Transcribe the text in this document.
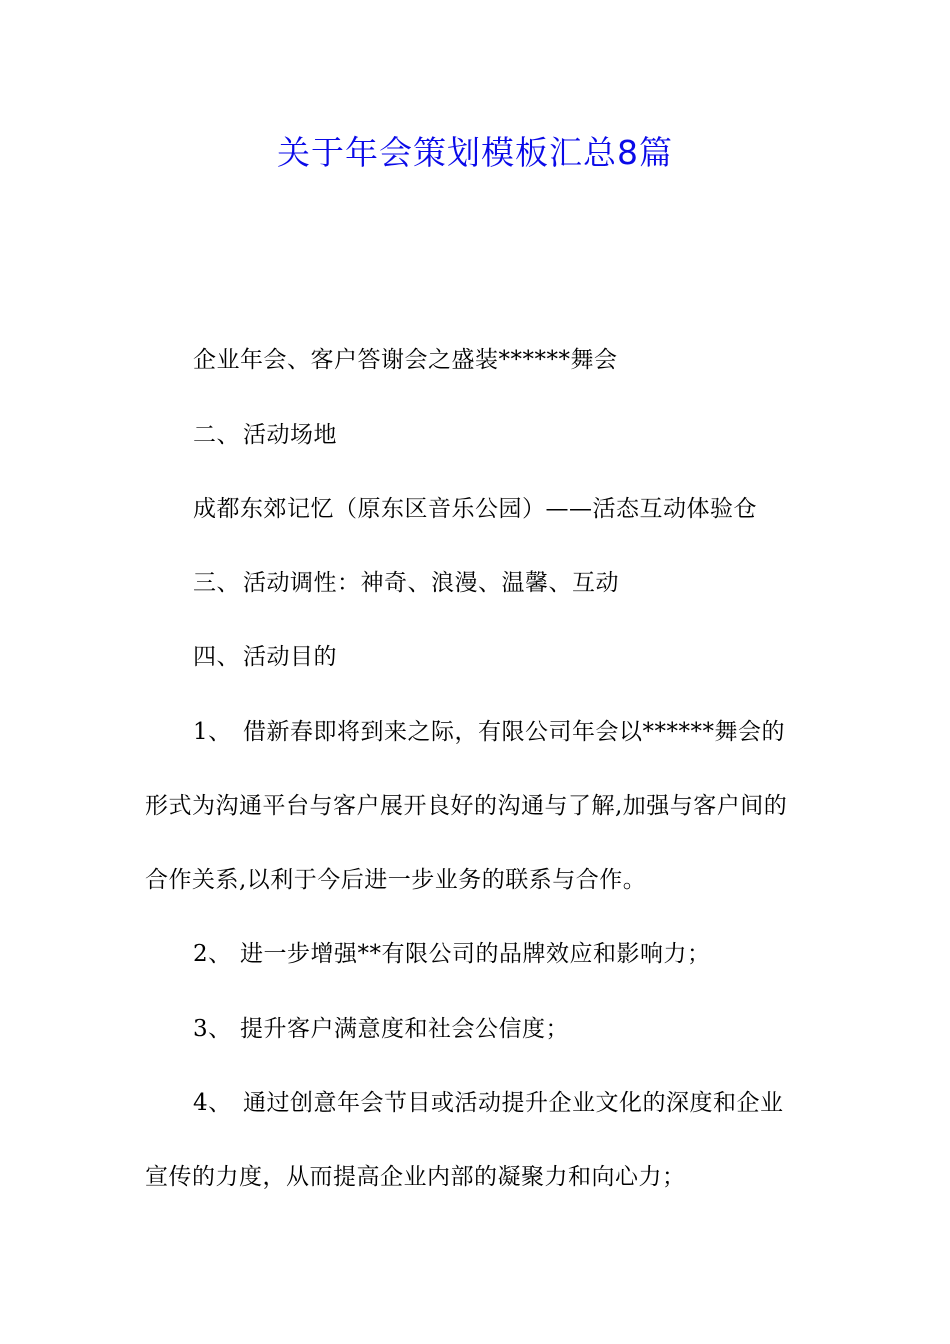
关于年会策划模板汇总8篇
企业年会、客户答谢会之盛装******舞会
二、 活动场地
成都东郊记忆（原东区音乐公园）——活态互动体验仓
三、 活动调性：神奇、浪漫、温馨、互动
四、 活动目的
1、 借新春即将到来之际，有限公司年会以******舞会的
形式为沟通平台与客户展开良好的沟通与了解,加强与客户间的
合作关系,以利于今后进一步业务的联系与合作。
2、 进一步增强**有限公司的品牌效应和影响力；
3、 提升客户满意度和社会公信度；
4、 通过创意年会节目或活动提升企业文化的深度和企业
宣传的力度，从而提高企业内部的凝聚力和向心力；
